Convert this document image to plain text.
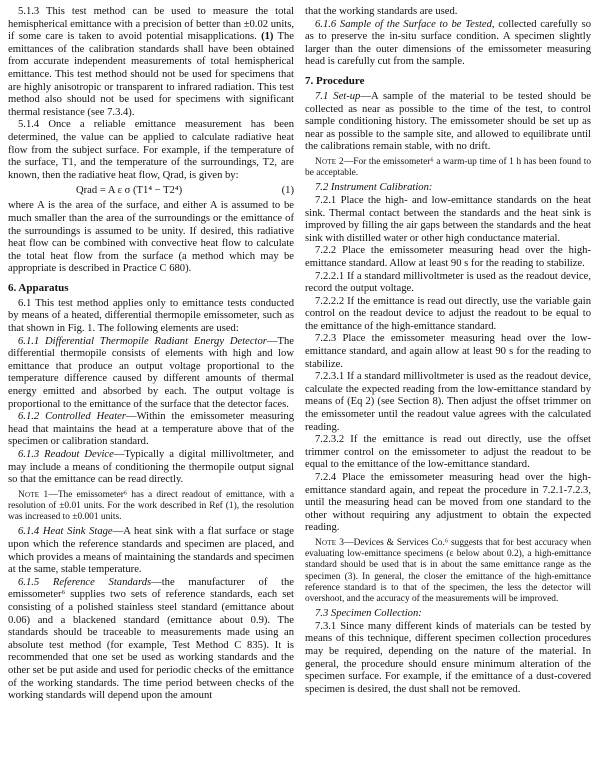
5.1.3 This test method can be used to measure the total hemispherical emittance with a precision of better than ±0.02 units, if some care is taken to avoid potential misapplications. (1) The emittances of the calibration standards shall have been obtained from accurate independent measurements of total hemispherical emittance. This test method should not be used for specimens that are highly anisotropic or transparent to infrared radiation. This test method also should not be used for specimens with significant thermal resistance (see 7.3.4).

5.1.4 Once a reliable emittance measurement has been determined, the value can be applied to calculate radiative heat flow from the subject surface. For example, if the temperature of the surface, T1, and the temperature of the surroundings, T2, are known, then the radiative heat flow, Qrad, is given by:

Qrad = A ε σ (T1⁴ − T2⁴)	(1)

where A is the area of the surface, and either A is assumed to be much smaller than the area of the surroundings or the emittance of the surroundings is assumed to be unity. If desired, this radiative heat flow can be combined with convective heat flow to calculate the total heat flow from the surface (a method which may be appropriate is described in Practice C 680).

6. Apparatus

6.1 This test method applies only to emittance tests conducted by means of a heated, differential thermopile emissometer, such as that shown in Fig. 1. The following elements are used:

6.1.1 Differential Thermopile Radiant Energy Detector—The differential thermopile consists of elements with high and low emittance that produce an output voltage proportional to the temperature difference caused by different amounts of thermal energy emitted and absorbed by each. The output voltage is proportional to the emittance of the surface that the detector faces.

6.1.2 Controlled Heater—Within the emissometer measuring head that maintains the head at a temperature above that of the specimen or calibration standard.

6.1.3 Readout Device—Typically a digital millivoltmeter, and may include a means of conditioning the thermopile output signal so that the emittance can be read directly.

Note 1—The emissometer⁶ has a direct readout of emittance, with a resolution of ±0.01 units. For the work described in Ref (1), the resolution was increased to ±0.001 units.

6.1.4 Heat Sink Stage—A heat sink with a flat surface or stage upon which the reference standards and specimen are placed, and which provides a means of maintaining the standards and specimen at the same, stable temperature.

6.1.5 Reference Standards—the manufacturer of the emissometer⁶ supplies two sets of reference standards, each set consisting of a polished stainless steel standard (emittance about 0.06) and a blackened standard (emittance about 0.9). The standards should be traceable to measurements made using an absolute test method (for example, Test Method C 835). It is recommended that one set be used as working standards and the other set be put aside and used for periodic checks of the emittance of the working standards. The time period between checks of the working standards will depend upon the amount

that the working standards are used.

6.1.6 Sample of the Surface to be Tested, collected carefully so as to preserve the in-situ surface condition. A specimen slightly larger than the outer dimensions of the emissometer measuring head is carefully cut from the sample.

7. Procedure

7.1 Set-up—A sample of the material to be tested should be collected as near as possible to the time of the test, to control sample conditioning history. The emissometer should be set up as near as possible to the sample site, and allowed to equilibrate until the calibrations remain stable, with no drift.

Note 2—For the emissometer⁶ a warm-up time of 1 h has been found to be acceptable.

7.2 Instrument Calibration:

7.2.1 Place the high- and low-emittance standards on the heat sink. Thermal contact between the standards and the heat sink is improved by filling the air gaps between the standards and the heat sink with distilled water or other high conductance material.

7.2.2 Place the emissometer measuring head over the high-emittance standard. Allow at least 90 s for the reading to stabilize.

7.2.2.1 If a standard millivoltmeter is used as the readout device, record the output voltage.

7.2.2.2 If the emittance is read out directly, use the variable gain control on the readout device to adjust the readout to be equal to the emittance of the high-emittance standard.

7.2.3 Place the emissometer measuring head over the low-emittance standard, and again allow at least 90 s for the reading to stabilize.

7.2.3.1 If a standard millivoltmeter is used as the readout device, calculate the expected reading from the low-emittance standard by means of (Eq 2) (see Section 8). Then adjust the offset trimmer on the emissometer until the readout value agrees with the calculated reading.

7.2.3.2 If the emittance is read out directly, use the offset trimmer control on the emissometer to adjust the readout to be equal to the emittance of the low-emittance standard.

7.2.4 Place the emissometer measuring head over the high-emittance standard again, and repeat the procedure in 7.2.1-7.2.3, until the measuring head can be moved from one standard to the other without requiring any adjustment to obtain the expected reading.

Note 3—Devices & Services Co.⁶ suggests that for best accuracy when evaluating low-emittance specimens (ε below about 0.2), a high-emittance standard should be used that is in about the same emittance range as the specimen (3). In general, the closer the emittance of the high-emittance reference standard is to that of the specimen, the less the detector will overshoot, and the accuracy of the measurements will be improved.

7.3 Specimen Collection:

7.3.1 Since many different kinds of materials can be tested by means of this technique, different specimen collection procedures may be required, depending on the nature of the material. In general, the procedure should ensure minimum alteration of the specimen surface. For example, if the emittance of a dust-covered specimen is desired, the dust shall not be removed.
